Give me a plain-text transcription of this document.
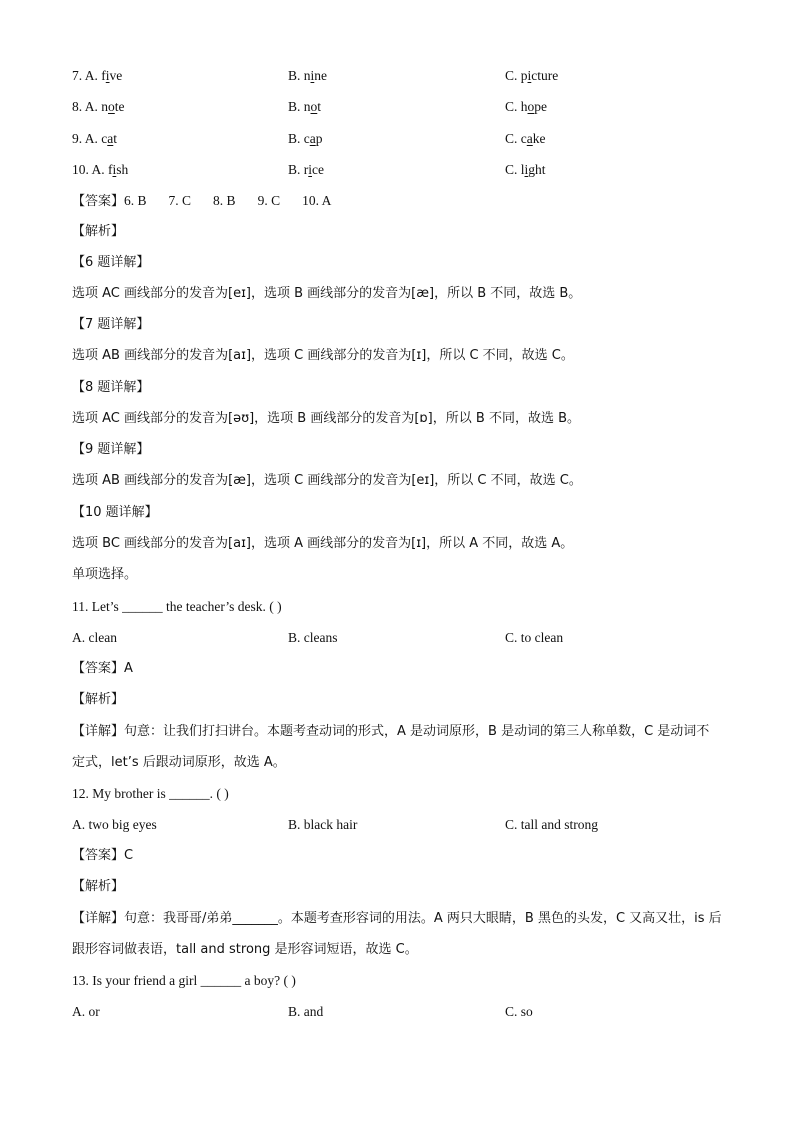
7. A. five	B. nine	C. picture
8. A. note	B. not	C. hope
9. A. cat	B. cap	C. cake
10. A. fish	B. rice	C. light
【答案】6. B 7. C 8. B 9. C 10. A
【解析】
【6 题详解】
选项 AC 画线部分的发音为[eɪ]，选项 B 画线部分的发音为[æ]，所以 B 不同，故选 B。
【7 题详解】
选项 AB 画线部分的发音为[aɪ]，选项 C 画线部分的发音为[ɪ]，所以 C 不同，故选 C。
【8 题详解】
选项 AC 画线部分的发音为[əʊ]，选项 B 画线部分的发音为[ɒ]，所以 B 不同，故选 B。
【9 题详解】
选项 AB 画线部分的发音为[æ]，选项 C 画线部分的发音为[eɪ]，所以 C 不同，故选 C。
【10 题详解】
选项 BC 画线部分的发音为[aɪ]，选项 A 画线部分的发音为[ɪ]，所以 A 不同，故选 A。
单项选择。
11. Let’s ______ the teacher’s desk. ( )
A. clean	B. cleans	C. to clean
【答案】A
【解析】
【详解】句意：让我们打扫讲台。本题考查动词的形式，A 是动词原形，B 是动词的第三人称单数，C 是动词不定式，let’s 后跟动词原形，故选 A。
12. My brother is ______. ( )
A. two big eyes	B. black hair	C. tall and strong
【答案】C
【解析】
【详解】句意：我哥哥/弟弟_______。本题考查形容词的用法。A 两只大眼睛，B 黑色的头发，C 又高又壮，is 后跟形容词做表语，tall and strong 是形容词短语，故选 C。
13. Is your friend a girl ______ a boy? ( )
A. or	B. and	C. so
